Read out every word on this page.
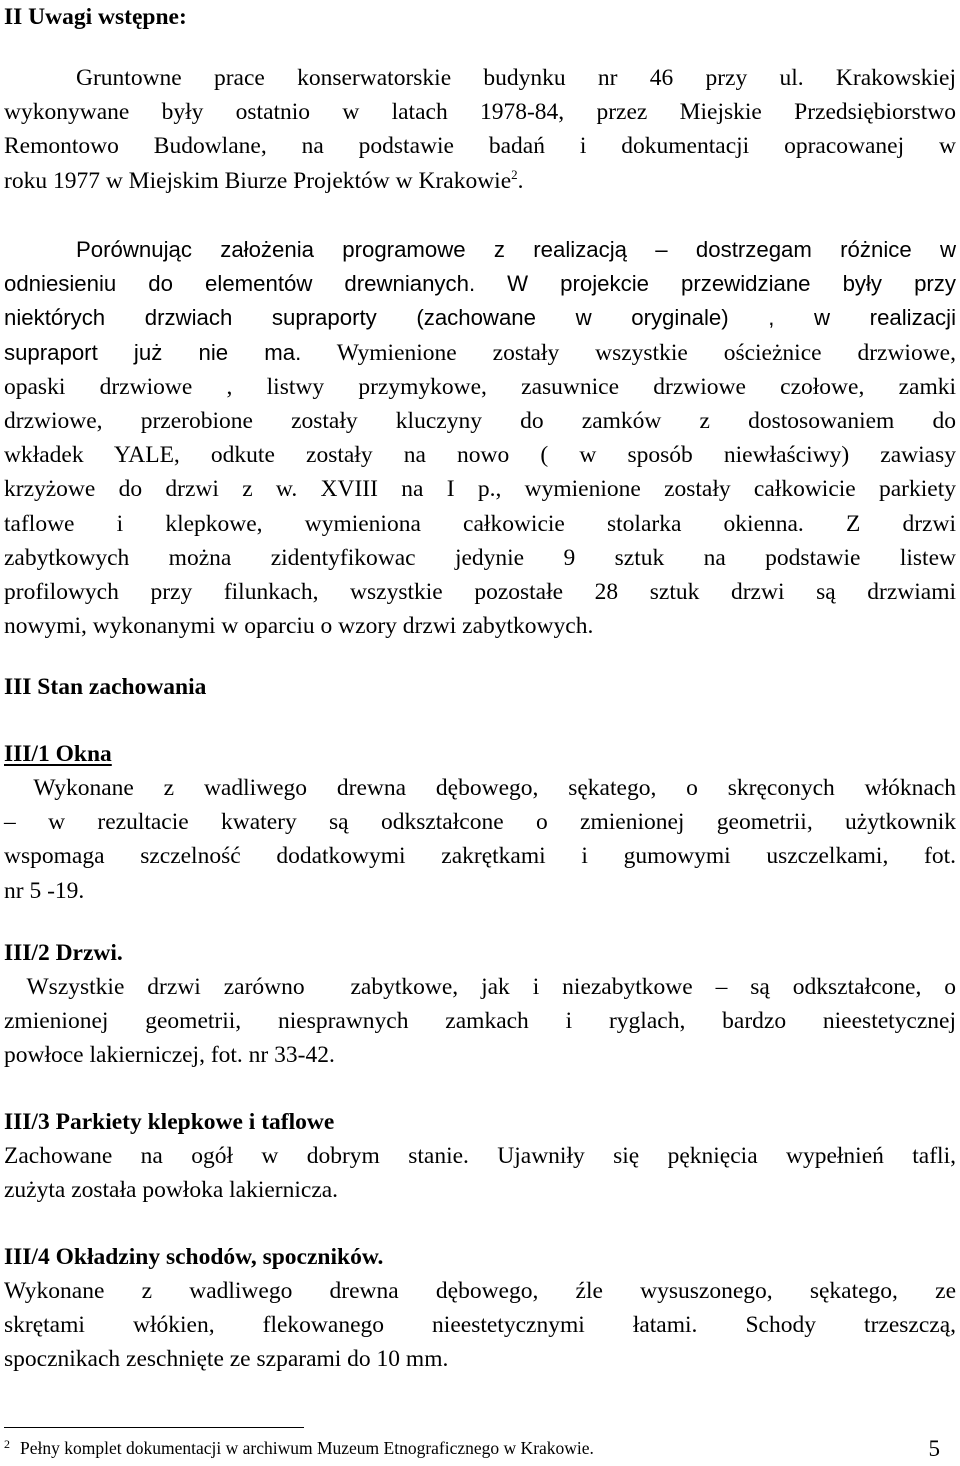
II Uwagi wstępne:
Gruntowne prace konserwatorskie budynku nr 46 przy ul. Krakowskiej
wykonywane były ostatnio w latach 1978-84, przez Miejskie Przedsiębiorstwo
Remontowo Budowlane, na podstawie badań i dokumentacji opracowanej w
roku 1977 w Miejskim Biurze Projektów w Krakowie$^2$.
Porównując założenia programowe z realizacją – dostrzegam różnice w
odniesieniu do elementów drewnianych. W projekcie przewidziane były przy
niektórych drzwiach supraporty (zachowane w oryginale) , w realizacji
supraport już nie ma. Wymienione zostały wszystkie ościeżnice drzwiowe,
opaski drzwiowe , listwy przymykowe, zasuwnice drzwiowe czołowe, zamki
drzwiowe, przerobione zostały kluczyny do zamków z dostosowaniem do
wkładek YALE, odkute zostały na nowo ( w sposób niewłaściwy) zawiasy
krzyżowe do drzwi z w. XVIII na I p., wymienione zostały całkowicie parkiety
taflowe i klepkowe, wymieniona całkowicie stolarka okienna. Z drzwi
zabytkowych można zidentyfikowac jedynie 9 sztuk na podstawie listew
profilowych przy filunkach, wszystkie pozostałe 28 sztuk drzwi są drzwiami
nowymi, wykonanymi w oparciu o wzory drzwi zabytkowych.
III Stan zachowania
III/1 Okna
Wykonane z wadliwego drewna dębowego, sękatego, o skręconych włóknach
– w rezultacie kwatery są odkształcone o zmienionej geometrii, użytkownik
wspomaga szczelność dodatkowymi zakrętkami i gumowymi uszczelkami, fot.
nr 5 -19.
III/2 Drzwi.
Wszystkie drzwi zarówno  zabytkowe, jak i niezabytkowe – są odkształcone, o
zmienionej geometrii, niesprawnych zamkach i ryglach, bardzo nieestetycznej
powłoce lakierniczej, fot. nr 33-42.
III/3 Parkiety klepkowe i taflowe
Zachowane na ogół w dobrym stanie. Ujawniły się pęknięcia wypełnień tafli,
zużyta została powłoka lakiernicza.
III/4 Okładziny schodów, spoczników.
Wykonane z wadliwego drewna dębowego, źle wysuszonego, sękatego, ze
skrętami włókien, flekowanego nieestetycznymi łatami. Schody trzeszczą,
spocznikach zeschnięte ze szparami do 10 mm.
$^2$ Pełny komplet dokumentacji w archiwum Muzeum Etnograficznego w Krakowie.	5
